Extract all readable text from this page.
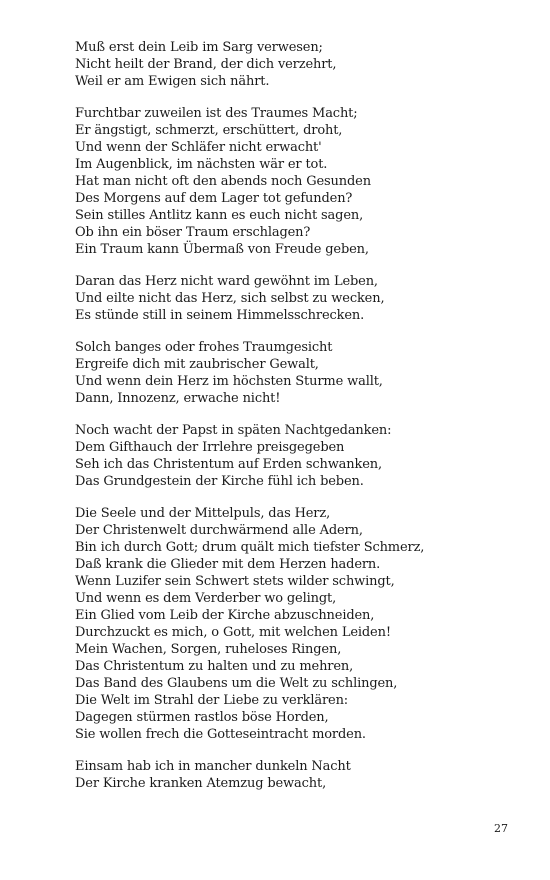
Muß erst dein Leib im Sarg verwesen;
Nicht heilt der Brand, der dich verzehrt,
Weil er am Ewigen sich nährt.
Furchtbar zuweilen ist des Traumes Macht;
Er ängstigt, schmerzt, erschüttert, droht,
Und wenn der Schläfer nicht erwacht'
Im Augenblick, im nächsten wär er tot.
Hat man nicht oft den abends noch Gesunden
Des Morgens auf dem Lager tot gefunden?
Sein stilles Antlitz kann es euch nicht sagen,
Ob ihn ein böser Traum erschlagen?
Ein Traum kann Übermaß von Freude geben,
Daran das Herz nicht ward gewöhnt im Leben,
Und eilte nicht das Herz, sich selbst zu wecken,
Es stünde still in seinem Himmelsschrecken.
Solch banges oder frohes Traumgesicht
Ergreife dich mit zaubrischer Gewalt,
Und wenn dein Herz im höchsten Sturme wallt,
Dann, Innozenz, erwache nicht!
Noch wacht der Papst in späten Nachtgedanken:
Dem Gifthauch der Irrlehre preisgegeben
Seh ich das Christentum auf Erden schwanken,
Das Grundgestein der Kirche fühl ich beben.
Die Seele und der Mittelpuls, das Herz,
Der Christenwelt durchwärmend alle Adern,
Bin ich durch Gott; drum quält mich tiefster Schmerz,
Daß krank die Glieder mit dem Herzen hadern.
Wenn Luzifer sein Schwert stets wilder schwingt,
Und wenn es dem Verderber wo gelingt,
Ein Glied vom Leib der Kirche abzuschneiden,
Durchzuckt es mich, o Gott, mit welchen Leiden!
Mein Wachen, Sorgen, ruheloses Ringen,
Das Christentum zu halten und zu mehren,
Das Band des Glaubens um die Welt zu schlingen,
Die Welt im Strahl der Liebe zu verklären:
Dagegen stürmen rastlos böse Horden,
Sie wollen frech die Gotteseintracht morden.
Einsam hab ich in mancher dunkeln Nacht
Der Kirche kranken Atemzug bewacht,
27
